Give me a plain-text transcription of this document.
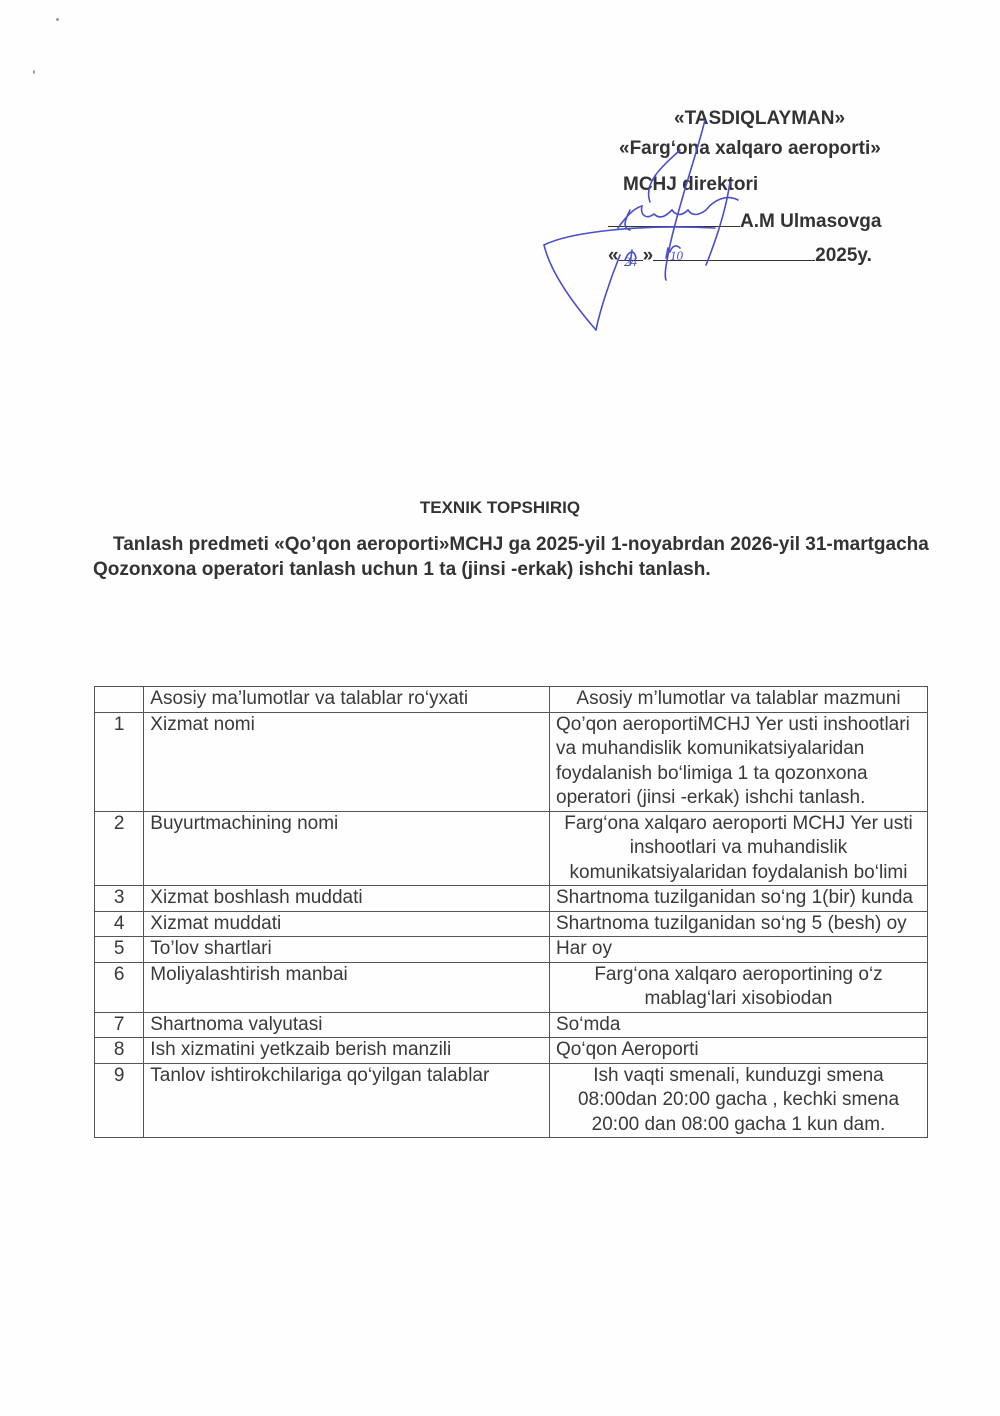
«TASDIQLAYMAN»
«Farg‘ona xalqaro aeroporti»
MCHJ direktori
A.M Ulmasovga
« »	2025y.
24	10
TEXNIK TOPSHIRIQ
Tanlash predmeti «Qo’qon aeroporti»MCHJ ga 2025-yil 1-noyabrdan 2026-yil 31-martgacha Qozonxona operatori tanlash uchun 1 ta (jinsi -erkak) ishchi tanlash.
	Asosiy ma’lumotlar va talablar ro‘yxati	Asosiy m’lumotlar va talablar mazmuni
1	Xizmat nomi	Qo’qon aeroportiMCHJ Yer usti inshootlari va muhandislik komunikatsiyalaridan foydalanish bo‘limiga 1 ta qozonxona operatori (jinsi -erkak) ishchi tanlash.
2	Buyurtmachining nomi	Farg‘ona xalqaro aeroporti MCHJ Yer usti inshootlari va muhandislik komunikatsiyalaridan foydalanish bo‘limi
3	Xizmat boshlash muddati	Shartnoma tuzilganidan so‘ng 1(bir) kunda
4	Xizmat muddati	Shartnoma tuzilganidan so‘ng 5 (besh) oy
5	To’lov shartlari	Har oy
6	Moliyalashtirish manbai	Farg‘ona xalqaro aeroportining o‘z mablag‘lari xisobiodan
7	Shartnoma valyutasi	So‘mda
8	Ish xizmatini yetkzaib berish manzili	Qo‘qon Aeroporti
9	Tanlov ishtirokchilariga qo‘yilgan talablar	Ish vaqti smenali, kunduzgi smena 08:00dan 20:00 gacha , kechki smena 20:00 dan 08:00 gacha 1 kun dam.
